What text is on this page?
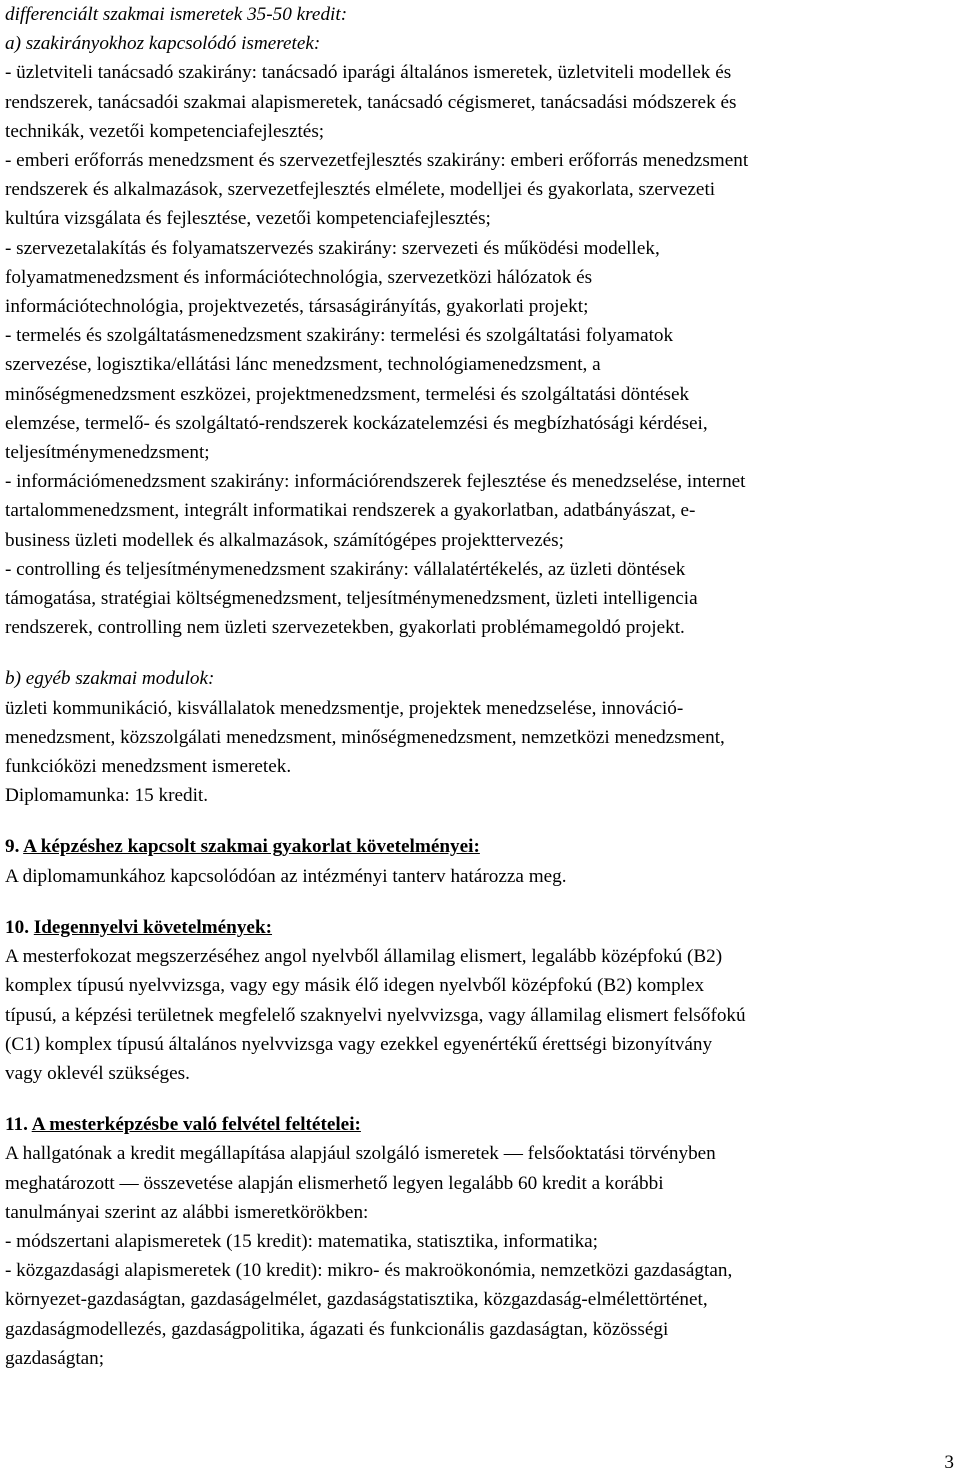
differenciált szakmai ismeretek 35-50 kredit:
a) szakirányokhoz kapcsolódó ismeretek:
- üzletviteli tanácsadó szakirány: tanácsadó iparági általános ismeretek, üzletviteli modellek és
rendszerek, tanácsadói szakmai alapismeretek, tanácsadó cégismeret, tanácsadási módszerek és
technikák, vezetői kompetenciafejlesztés;
- emberi erőforrás menedzsment és szervezetfejlesztés szakirány: emberi erőforrás menedzsment
rendszerek és alkalmazások, szervezetfejlesztés elmélete, modelljei és gyakorlata, szervezeti
kultúra vizsgálata és fejlesztése, vezetői kompetenciafejlesztés;
- szervezetalakítás és folyamatszervezés szakirány: szervezeti és működési modellek,
folyamatmenedzsment és információtechnológia, szervezetközi hálózatok és
információtechnológia, projektvezetés, társaságirányítás, gyakorlati projekt;
- termelés és szolgáltatásmenedzsment szakirány: termelési és szolgáltatási folyamatok
szervezése, logisztika/ellátási lánc menedzsment, technológiamenedzsment, a
minőségmenedzsment eszközei, projektmenedzsment, termelési és szolgáltatási döntések
elemzése, termelő- és szolgáltató-rendszerek kockázatelemzési és megbízhatósági kérdései,
teljesítménymenedzsment;
- információmenedzsment szakirány: információrendszerek fejlesztése és menedzselése, internet
tartalommenedzsment, integrált informatikai rendszerek a gyakorlatban, adatbányászat, e-
business üzleti modellek és alkalmazások, számítógépes projekttervezés;
- controlling és teljesítménymenedzsment szakirány: vállalatértékelés, az üzleti döntések
támogatása, stratégiai költségmenedzsment, teljesítménymenedzsment, üzleti intelligencia
rendszerek, controlling nem üzleti szervezetekben, gyakorlati problémamegoldó projekt.
b) egyéb szakmai modulok:
üzleti kommunikáció, kisvállalatok menedzsmentje, projektek menedzselése, innováció-
menedzsment, közszolgálati menedzsment, minőségmenedzsment, nemzetközi menedzsment,
funkcióközi menedzsment ismeretek.
Diplomamunka: 15 kredit.
9. A képzéshez kapcsolt szakmai gyakorlat követelményei:
A diplomamunkához kapcsolódóan az intézményi tanterv határozza meg.
10. Idegennyelvi követelmények:
A mesterfokozat megszerzéséhez angol nyelvből államilag elismert, legalább középfokú (B2)
komplex típusú nyelvvizsga, vagy egy másik élő idegen nyelvből középfokú (B2) komplex
típusú, a képzési területnek megfelelő szaknyelvi nyelvvizsga, vagy államilag elismert felsőfokú
(C1) komplex típusú általános nyelvvizsga vagy ezekkel egyenértékű érettségi bizonyítvány
vagy oklevél szükséges.
11. A mesterképzésbe való felvétel feltételei:
A hallgatónak a kredit megállapítása alapjául szolgáló ismeretek — felsőoktatási törvényben
meghatározott — összevetése alapján elismerhető legyen legalább 60 kredit a korábbi
tanulmányai szerint az alábbi ismeretkörökben:
- módszertani alapismeretek (15 kredit): matematika, statisztika, informatika;
- közgazdasági alapismeretek (10 kredit): mikro- és makroökonómia, nemzetközi gazdaságtan,
környezet-gazdaságtan, gazdaságelmélet, gazdaságstatisztika, közgazdaság-elmélettörténet,
gazdaságmodellezés, gazdaságpolitika, ágazati és funkcionális gazdaságtan, közösségi
gazdaságtan;
3
